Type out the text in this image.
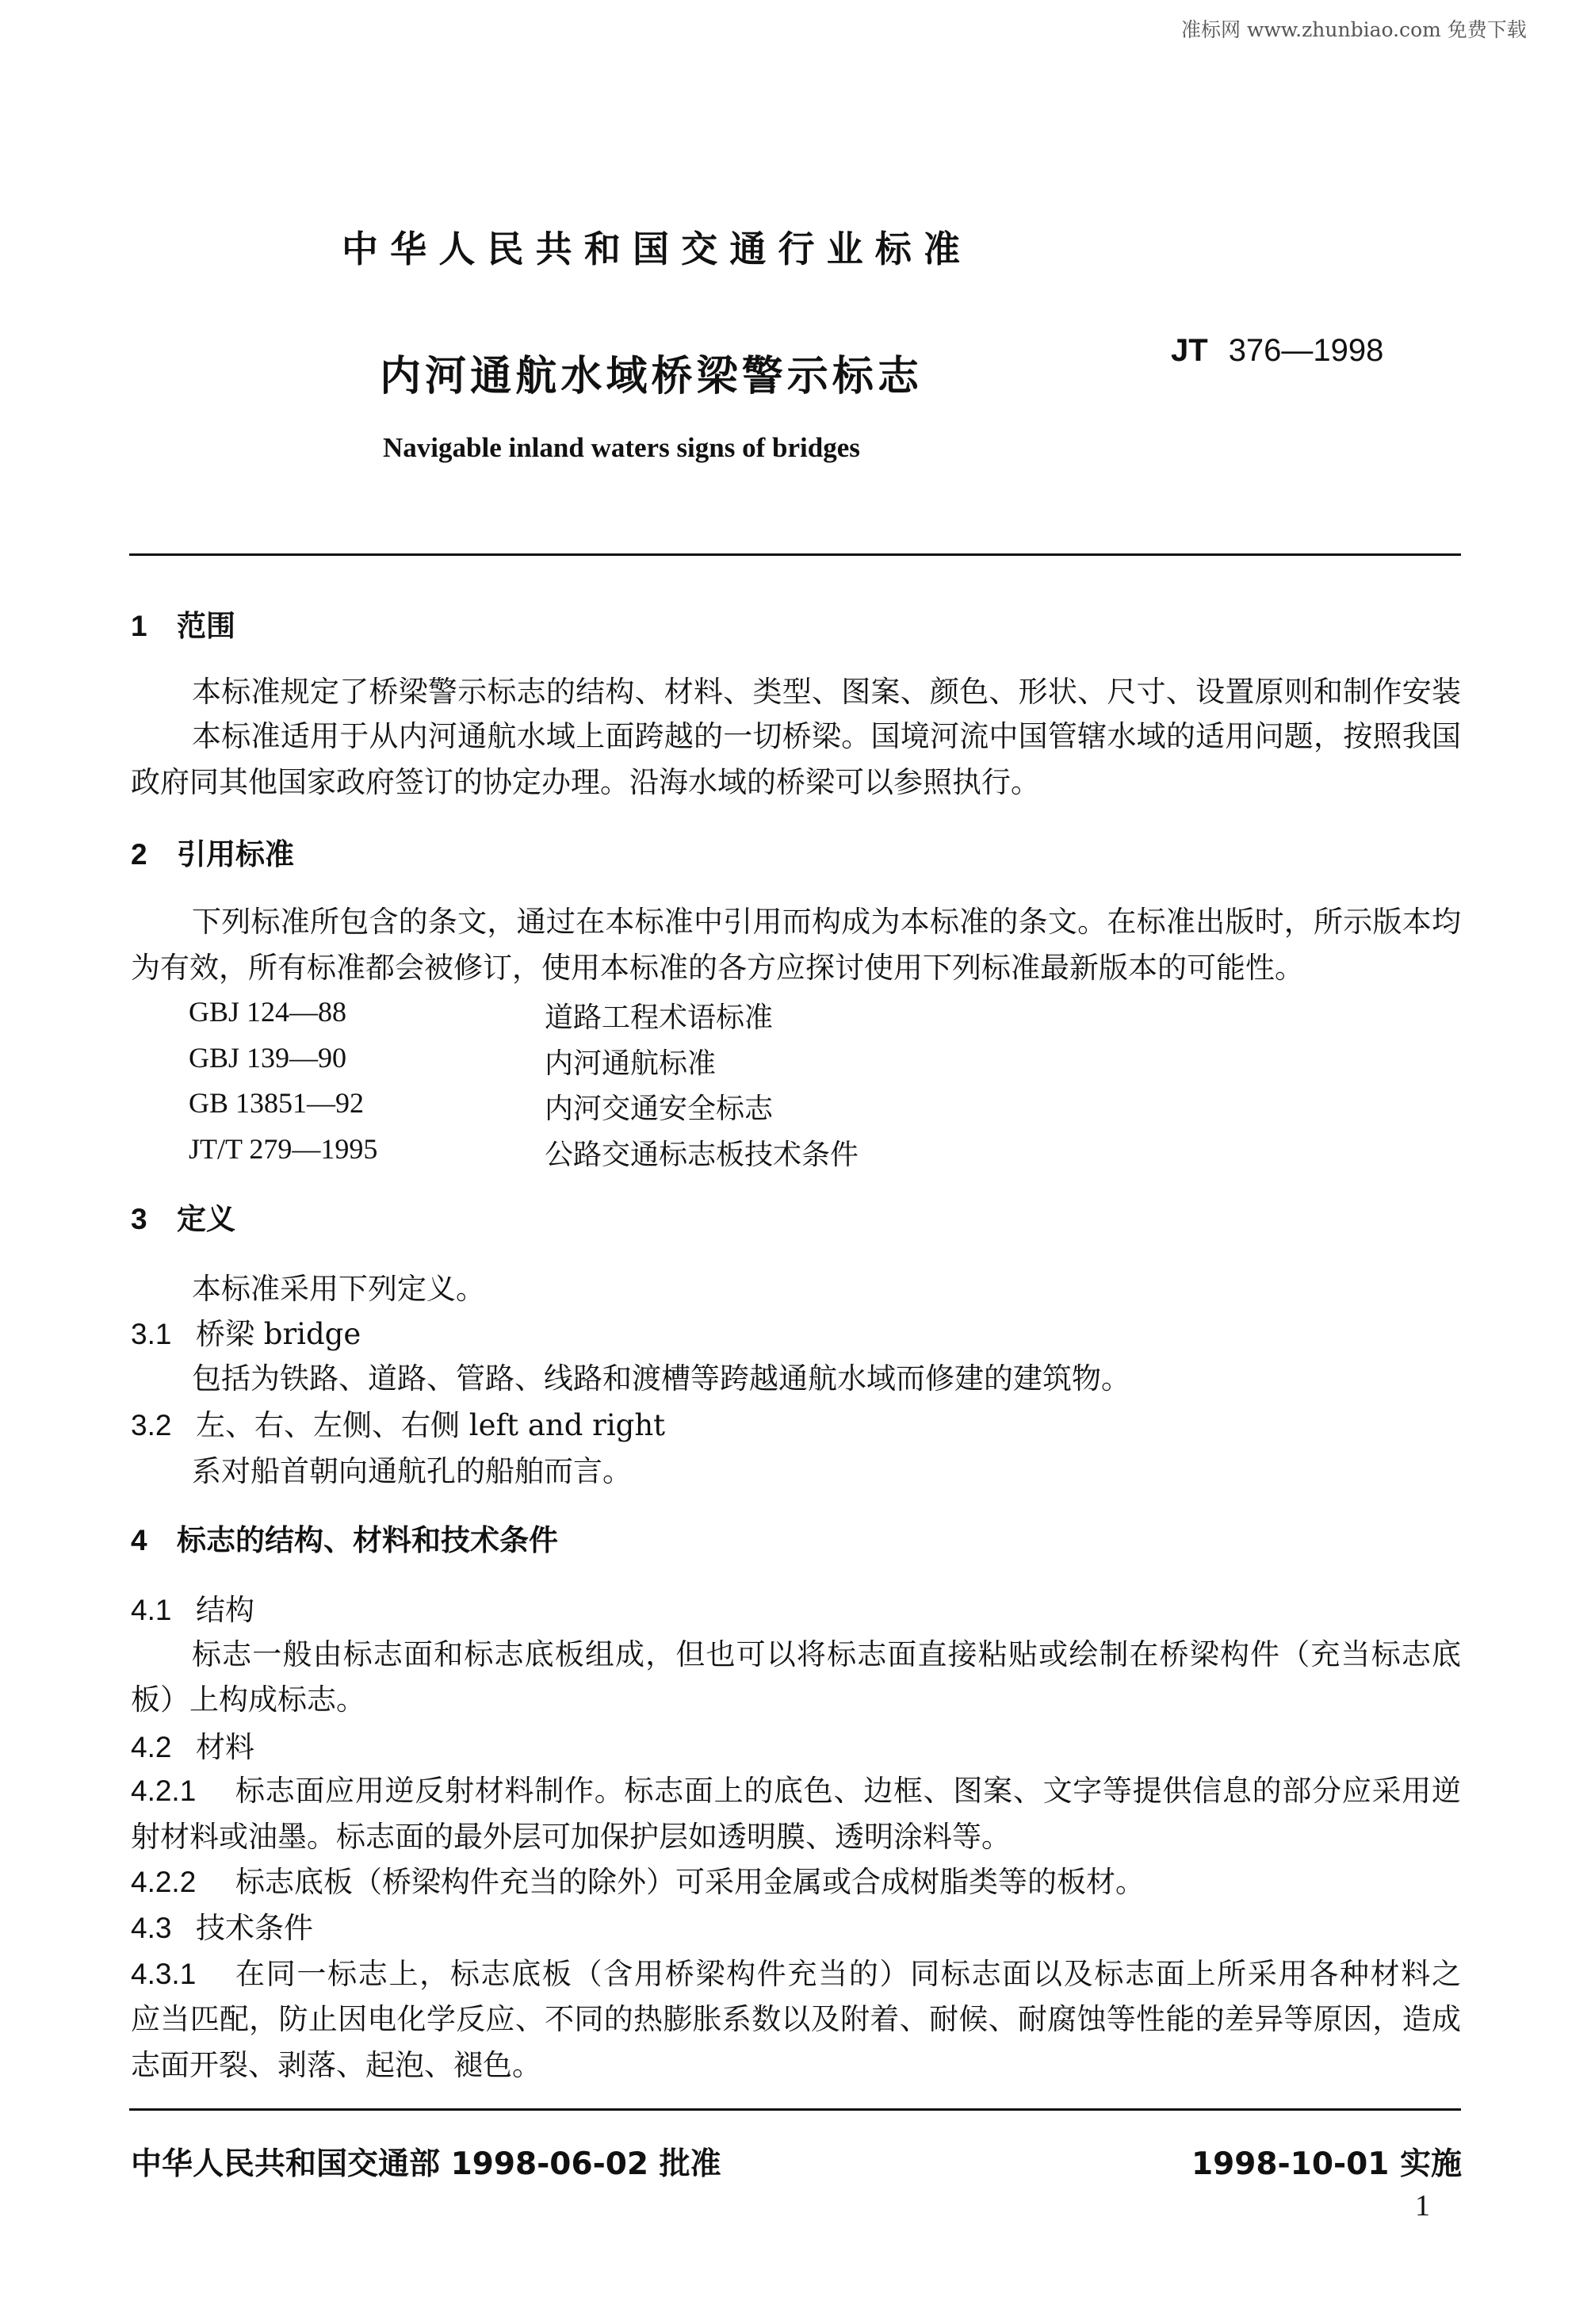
准标网 www.zhunbiao.com 免费下载
中华人民共和国交通行业标准
内河通航水域桥梁警示标志
JT 376—1998
Navigable inland waters signs of bridges
1 范围
本标准规定了桥梁警示标志的结构、材料、类型、图案、颜色、形状、尺寸、设置原则和制作安装
本标准适用于从内河通航水域上面跨越的一切桥梁。国境河流中国管辖水域的适用问题，按照我国
政府同其他国家政府签订的协定办理。沿海水域的桥梁可以参照执行。
2 引用标准
下列标准所包含的条文，通过在本标准中引用而构成为本标准的条文。在标准出版时，所示版本均
为有效，所有标准都会被修订，使用本标准的各方应探讨使用下列标准最新版本的可能性。
GBJ 124—88	道路工程术语标准
GBJ 139—90	内河通航标准
GB 13851—92	内河交通安全标志
JT/T 279—1995	公路交通标志板技术条件
3 定义
本标准采用下列定义。
3.1 桥梁 bridge
包括为铁路、道路、管路、线路和渡槽等跨越通航水域而修建的建筑物。
3.2 左、右、左侧、右侧 left and right
系对船首朝向通航孔的船舶而言。
4 标志的结构、材料和技术条件
4.1 结构
标志一般由标志面和标志底板组成，但也可以将标志面直接粘贴或绘制在桥梁构件（充当标志底
板）上构成标志。
4.2 材料
4.2.1	标志面应用逆反射材料制作。标志面上的底色、边框、图案、文字等提供信息的部分应采用逆
射材料或油墨。标志面的最外层可加保护层如透明膜、透明涂料等。
4.2.2 标志底板（桥梁构件充当的除外）可采用金属或合成树脂类等的板材。
4.3 技术条件
4.3.1	在同一标志上，标志底板（含用桥梁构件充当的）同标志面以及标志面上所采用各种材料之
应当匹配，防止因电化学反应、不同的热膨胀系数以及附着、耐候、耐腐蚀等性能的差异等原因，造成
志面开裂、剥落、起泡、褪色。
中华人民共和国交通部 1998-06-02 批准	1998-10-01 实施
1
